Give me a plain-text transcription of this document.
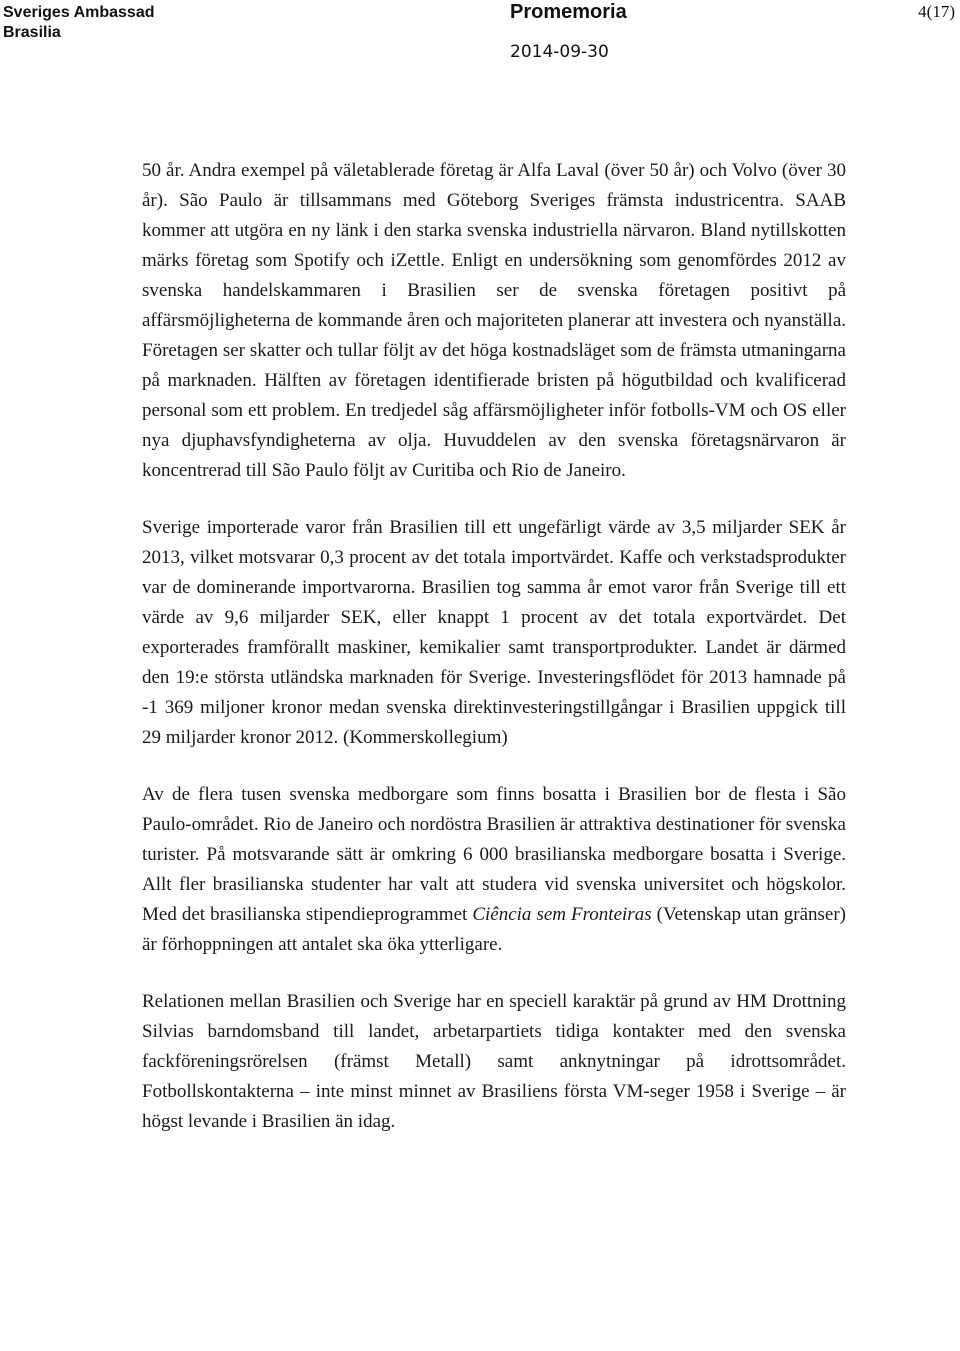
Sveriges Ambassad
Brasilia
Promemoria
2014-09-30
4(17)

50 år. Andra exempel på väletablerade företag är Alfa Laval (över 50 år) och Volvo (över 30 år). São Paulo är tillsammans med Göteborg Sveriges främsta industricentra. SAAB kommer att utgöra en ny länk i den starka svenska industriella närvaron. Bland nytillskotten märks företag som Spotify och iZettle. Enligt en undersökning som genomfördes 2012 av svenska handelskammaren i Brasilien ser de svenska företagen positivt på affärsmöjligheterna de kommande åren och majoriteten planerar att investera och nyanställa. Företagen ser skatter och tullar följt av det höga kostnadsläget som de främsta utmaningarna på marknaden. Hälften av företagen identifierade bristen på högutbildad och kvalificerad personal som ett problem. En tredjedel såg affärsmöjligheter inför fotbolls-VM och OS eller nya djuphavsfyndigheterna av olja. Huvuddelen av den svenska företagsnärvaron är koncentrerad till São Paulo följt av Curitiba och Rio de Janeiro.

Sverige importerade varor från Brasilien till ett ungefärligt värde av 3,5 miljarder SEK år 2013, vilket motsvarar 0,3 procent av det totala importvärdet. Kaffe och verkstadsprodukter var de dominerande importvarorna. Brasilien tog samma år emot varor från Sverige till ett värde av 9,6 miljarder SEK, eller knappt 1 procent av det totala exportvärdet. Det exporterades framförallt maskiner, kemikalier samt transportprodukter. Landet är därmed den 19:e största utländska marknaden för Sverige. Investeringsflödet för 2013 hamnade på -1 369 miljoner kronor medan svenska direktinvesteringstillgångar i Brasilien uppgick till 29 miljarder kronor 2012. (Kommerskollegium)

Av de flera tusen svenska medborgare som finns bosatta i Brasilien bor de flesta i São Paulo-området. Rio de Janeiro och nordöstra Brasilien är attraktiva destinationer för svenska turister. På motsvarande sätt är omkring 6 000 brasilianska medborgare bosatta i Sverige. Allt fler brasilianska studenter har valt att studera vid svenska universitet och högskolor. Med det brasilianska stipendieprogrammet Ciência sem Fronteiras (Vetenskap utan gränser) är förhoppningen att antalet ska öka ytterligare.

Relationen mellan Brasilien och Sverige har en speciell karaktär på grund av HM Drottning Silvias barndomsband till landet, arbetarpartiets tidiga kontakter med den svenska fackföreningsrörelsen (främst Metall) samt anknytningar på idrottsområdet. Fotbollskontakterna – inte minst minnet av Brasiliens första VM-seger 1958 i Sverige – är högst levande i Brasilien än idag.
